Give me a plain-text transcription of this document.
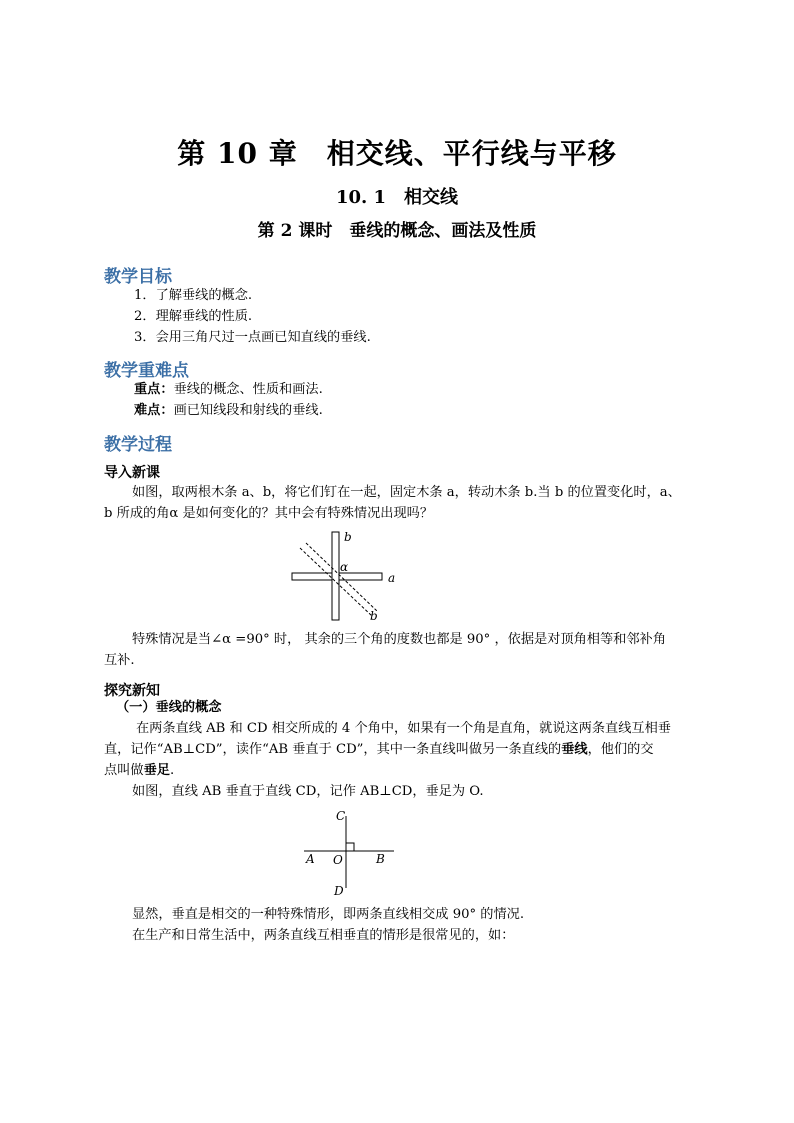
第 10 章　相交线、平行线与平移
10. 1　相交线
第 2 课时　垂线的概念、画法及性质
教学目标
1．了解垂线的概念.
2．理解垂线的性质.
3．会用三角尺过一点画已知直线的垂线.
教学重难点
重点：垂线的概念、性质和画法.
难点：画已知线段和射线的垂线.
教学过程
导入新课
如图，取两根木条 a、b，将它们钉在一起，固定木条 a，转动木条 b.当 b 的位置变化时，a、
b 所成的角α 是如何变化的？其中会有特殊情况出现吗？
b
a
α
b
特殊情况是当∠α =90° 时， 其余的三个角的度数也都是 90° ，依据是对顶角相等和邻补角
互补.
探究新知
（一）垂线的概念
在两条直线 AB 和 CD 相交所成的 4 个角中，如果有一个角是直角，就说这两条直线互相垂
直，记作“AB⊥CD”，读作“AB 垂直于 CD”，其中一条直线叫做另一条直线的垂线，他们的交
点叫做垂足.
如图，直线 AB 垂直于直线 CD，记作 AB⊥CD，垂足为 O.
C
A O	B
D
显然，垂直是相交的一种特殊情形，即两条直线相交成 90° 的情况.
在生产和日常生活中，两条直线互相垂直的情形是很常见的，如：
